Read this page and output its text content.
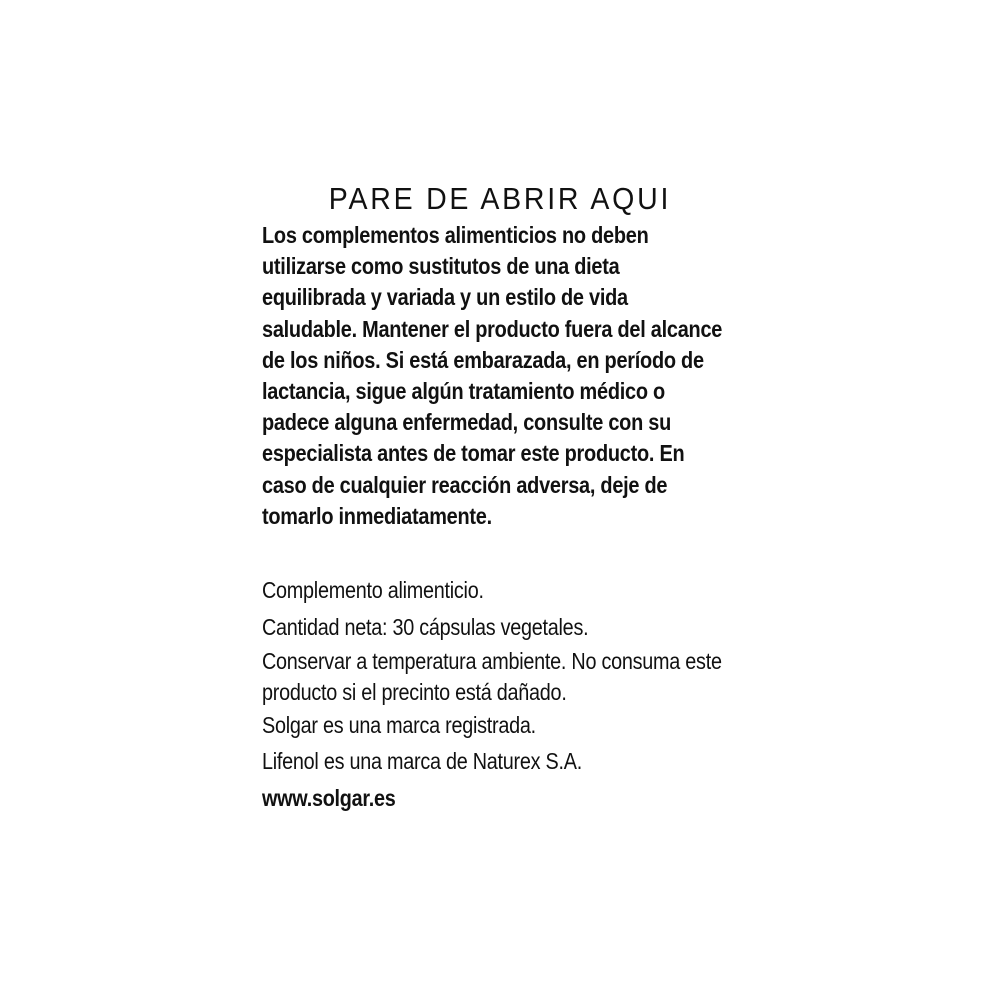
PARE DE ABRIR AQUI

Los complementos alimenticios no deben utilizarse como sustitutos de una dieta equilibrada y variada y un estilo de vida saludable. Mantener el producto fuera del alcance de los niños. Si está embarazada, en período de lactancia, sigue algún tratamiento médico o padece alguna enfermedad, consulte con su especialista antes de tomar este producto. En caso de cualquier reacción adversa, deje de tomarlo inmediatamente.

Complemento alimenticio.

Cantidad neta: 30 cápsulas vegetales.

Conservar a temperatura ambiente. No consuma este producto si el precinto está dañado.

Solgar es una marca registrada.

Lifenol es una marca de Naturex S.A.

www.solgar.es
